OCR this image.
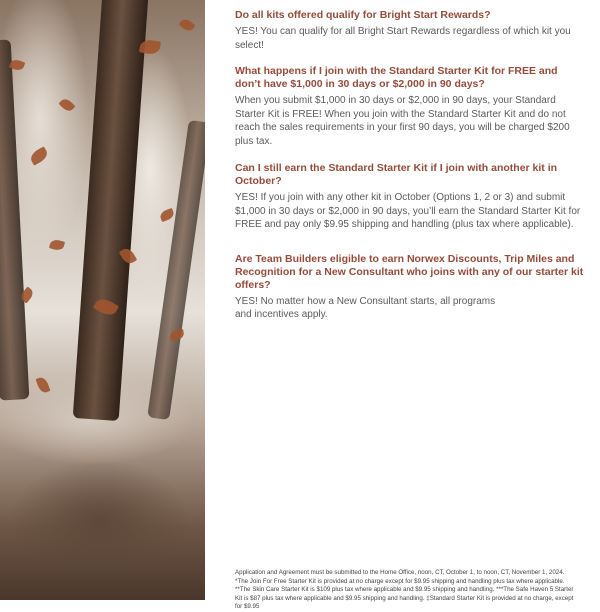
Do all kits offered qualify for Bright Start Rewards?

YES! You can qualify for all Bright Start Rewards regardless of which kit you select!

What happens if I join with the Standard Starter Kit for FREE and don’t have $1,000 in 30 days or $2,000 in 90 days?

When you submit $1,000 in 30 days or $2,000 in 90 days, your Standard Starter Kit is FREE! When you join with the Standard Starter Kit and do not reach the sales requirements in your first 90 days, you will be charged $200 plus tax.

Can I still earn the Standard Starter Kit if I join with another kit in October?

YES! If you join with any other kit in October (Options 1, 2 or 3) and submit $1,000 in 30 days or $2,000 in 90 days, you’ll earn the Standard Starter Kit for FREE and pay only $9.95 shipping and handling (plus tax where applicable).

Are Team Builders eligible to earn Norwex Discounts, Trip Miles and Recognition for a New Consultant who joins with any of our starter kit offers?

YES! No matter how a New Consultant starts, all programs and incentives apply.

Application and Agreement must be submitted to the Home Office, noon, CT, October 1, to noon, CT, November 1, 2024. *The Join For Free Starter Kit is provided at no charge except for $9.95 shipping and handling plus tax where applicable. **The Skin Care Starter Kit is $109 plus tax where applicable and $9.95 shipping and handling. ***The Safe Haven 5 Starter Kit is $87 plus tax where applicable and $9.95 shipping and handling. ‡Standard Starter Kit is provided at no charge, except for $9.95
